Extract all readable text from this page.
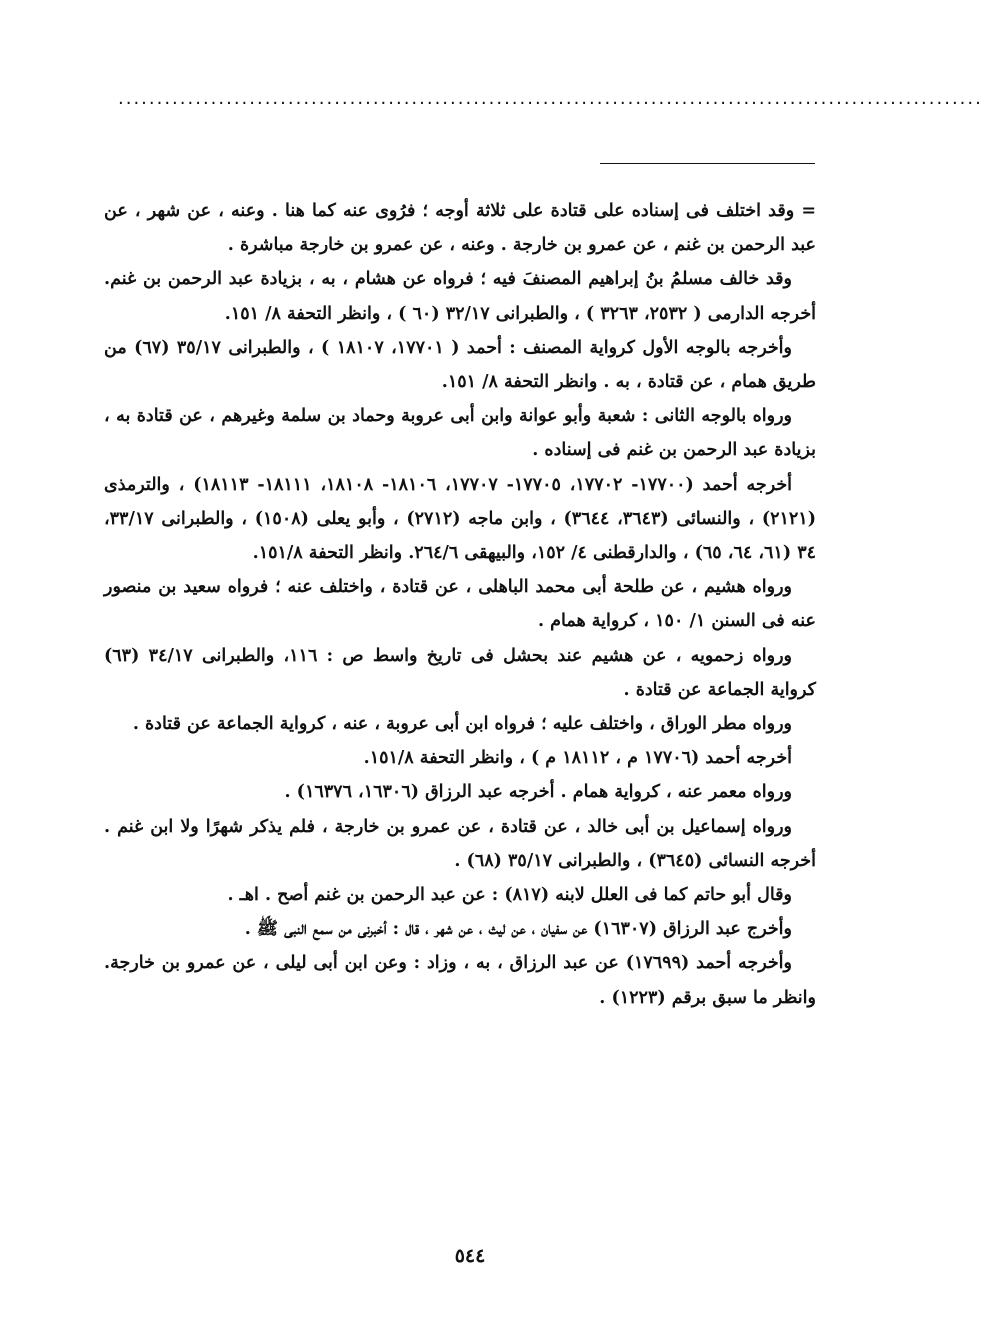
................................................................................................................

= وقد اختلف فى إسناده على قتادة على ثلاثة أوجه ؛ فرُوى عنه كما هنا . وعنه ، عن شهر ، عن عبد الرحمن بن غنم ، عن عمرو بن خارجة . وعنه ، عن عمرو بن خارجة مباشرة .

وقد خالف مسلمُ بنُ إبراهيم المصنفَ فيه ؛ فرواه عن هشام ، به ، بزيادة عبد الرحمن بن غنم. أخرجه الدارمى ( ٢٥٣٢، ٣٢٦٣ ) ، والطبرانى ٣٢/١٧ (٦٠ ) ، وانظر التحفة ٨/ ١٥١.

وأخرجه بالوجه الأول كرواية المصنف : أحمد ( ١٧٧٠١، ١٨١٠٧ ) ، والطبرانى ٣٥/١٧ (٦٧) من طريق همام ، عن قتادة ، به . وانظر التحفة ٨/ ١٥١.

ورواه بالوجه الثانى : شعبة وأبو عوانة وابن أبى عروبة وحماد بن سلمة وغيرهم ، عن قتادة به ، بزيادة عبد الرحمن بن غنم فى إسناده .

أخرجه أحمد (١٧٧٠٠- ١٧٧٠٢، ١٧٧٠٥- ١٧٧٠٧، ١٨١٠٦- ١٨١٠٨، ١٨١١١- ١٨١١٣) ، والترمذى (٢١٢١) ، والنسائى (٣٦٤٣، ٣٦٤٤) ، وابن ماجه (٢٧١٢) ، وأبو يعلى (١٥٠٨) ، والطبرانى ٣٣/١٧، ٣٤ (٦١، ٦٤، ٦٥) ، والدارقطنى ٤/ ١٥٢، والبيهقى ٢٦٤/٦. وانظر التحفة ١٥١/٨.

ورواه هشيم ، عن طلحة أبى محمد الباهلى ، عن قتادة ، واختلف عنه ؛ فرواه سعيد بن منصور عنه فى السنن ١/ ١٥٠ ، كرواية همام .

ورواه زحمويه ، عن هشيم عند بحشل فى تاريخ واسط ص : ١١٦، والطبرانى ٣٤/١٧ (٦٣) كرواية الجماعة عن قتادة .

ورواه مطر الوراق ، واختلف عليه ؛ فرواه ابن أبى عروبة ، عنه ، كرواية الجماعة عن قتادة .

أخرجه أحمد (١٧٧٠٦ م ، ١٨١١٢ م ) ، وانظر التحفة ١٥١/٨.

ورواه معمر عنه ، كرواية همام . أخرجه عبد الرزاق (١٦٣٠٦، ١٦٣٧٦) .

ورواه إسماعيل بن أبى خالد ، عن قتادة ، عن عمرو بن خارجة ، فلم يذكر شهرًا ولا ابن غنم . أخرجه النسائى (٣٦٤٥) ، والطبرانى ٣٥/١٧ (٦٨) .

وقال أبو حاتم كما فى العلل لابنه (٨١٧) : عن عبد الرحمن بن غنم أصح . اهـ .

وأخرج عبد الرزاق (١٦٣٠٧) عن سفيان ، عن ليث ، عن شهر ، قال : أخبرنى من سمع النبى ﷺ .

وأخرجه أحمد (١٧٦٩٩) عن عبد الرزاق ، به ، وزاد : وعن ابن أبى ليلى ، عن عمرو بن خارجة. وانظر ما سبق برقم (١٢٢٣) .

٥٤٤
